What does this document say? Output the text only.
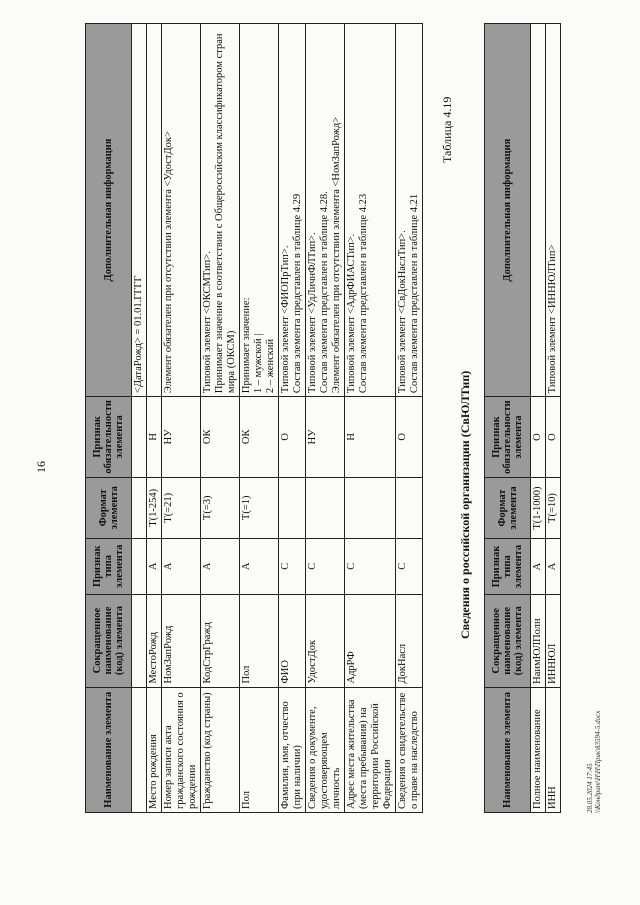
16
Наименование элемента	Сокращенное наименование (код) элемента	Признак типа элемента	Формат элемента	Признак обязательности элемента	Дополнительная информация
					<ДатаРожд> = 01.01.ГГГГ
Место рождения	МестоРожд	А	T(1-254)	Н	
Номер записи акта гражданского состояния о рождении	НомЗапРожд	А	T(=21)	НУ	Элемент обязателен при отсутствии элемента <УдостДок>
Гражданство (код страны)	КодСтрГражд	А	T(=3)	ОК	Типовой элемент <ОКСМТип>.
Принимает значение в соответствии с Общероссийским классификатором стран мира (ОКСМ)
Пол	Пол	А	T(=1)	ОК	Принимает значение:
1 – мужской |
2 – женский
Фамилия, имя, отчество (при наличии)	ФИО	С		О	Типовой элемент <ФИОПрТип>.
Состав элемента представлен в таблице 4.29
Сведения о документе, удостоверяющем личность	УдостДок	С		НУ	Типовой элемент <УдЛичнФЛТип>.
Состав элемента представлен в таблице 4.28.
Элемент обязателен при отсутствии элемента <НомЗапРожд>
Адрес места жительства (места пребывания) на территории Российской Федерации	АдрРФ	С		Н	Типовой элемент <АдрФИАСТип>.
Состав элемента представлен в таблице 4.23
Сведения о свидетельстве о праве на наследство	ДокНасл	С		О	Типовой элемент <СвДокНаслТип>.
Состав элемента представлен в таблице 4.21
Таблица 4.19
Сведения о российской организации (СвЮЛТип)
Наименование элемента	Сокращенное наименование (код) элемента	Признак типа элемента	Формат элемента	Признак обязательности элемента	Дополнительная информация
Полное наименование	НаимЮЛПолн	А	T(1-1000)	О	
ИНН	ИННЮЛ	А	T(=10)	О	Типовой элемент <ИННЮЛТип>
28.05.2024 17:45 \\Кондрат\Н\Н\Прик\83594-5.docx
